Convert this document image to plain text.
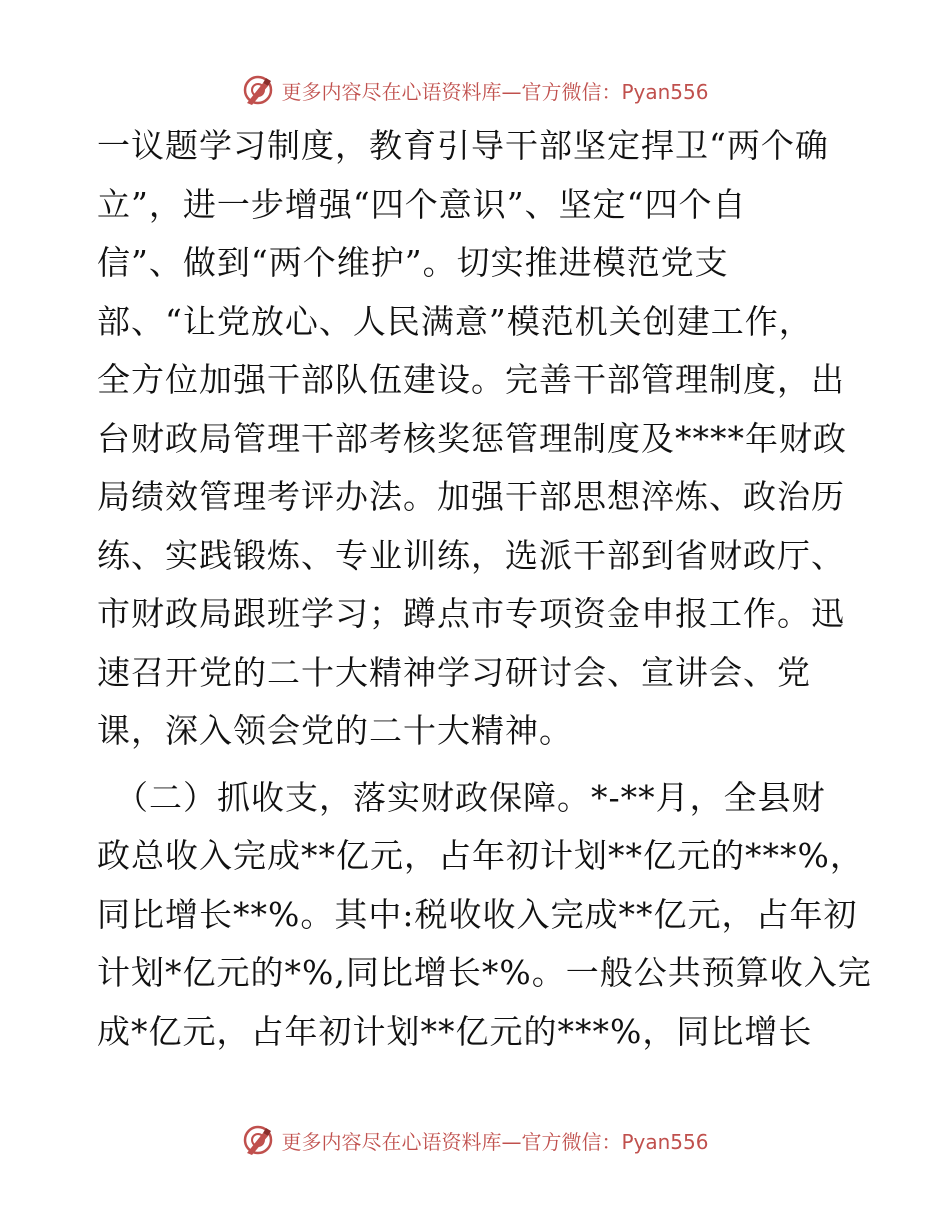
更多内容尽在心语资料库—官方微信：Pyan556
一议题学习制度，教育引导干部坚定捍卫“两个确
立”，进一步增强“四个意识”、坚定“四个自
信”、做到“两个维护”。切实推进模范党支
部、“让党放心、人民满意”模范机关创建工作，
全方位加强干部队伍建设。完善干部管理制度，出
台财政局管理干部考核奖惩管理制度及****年财政
局绩效管理考评办法。加强干部思想淬炼、政治历
练、实践锻炼、专业训练，选派干部到省财政厅、
市财政局跟班学习；蹲点市专项资金申报工作。迅
速召开党的二十大精神学习研讨会、宣讲会、党
课，深入领会党的二十大精神。
（二）抓收支，落实财政保障。*-**月，全县财
政总收入完成**亿元，占年初计划**亿元的***%，
同比增长**%。其中:税收收入完成**亿元，占年初
计划*亿元的*%,同比增长*%。一般公共预算收入完
成*亿元，占年初计划**亿元的***%，同比增长
更多内容尽在心语资料库—官方微信：Pyan556
